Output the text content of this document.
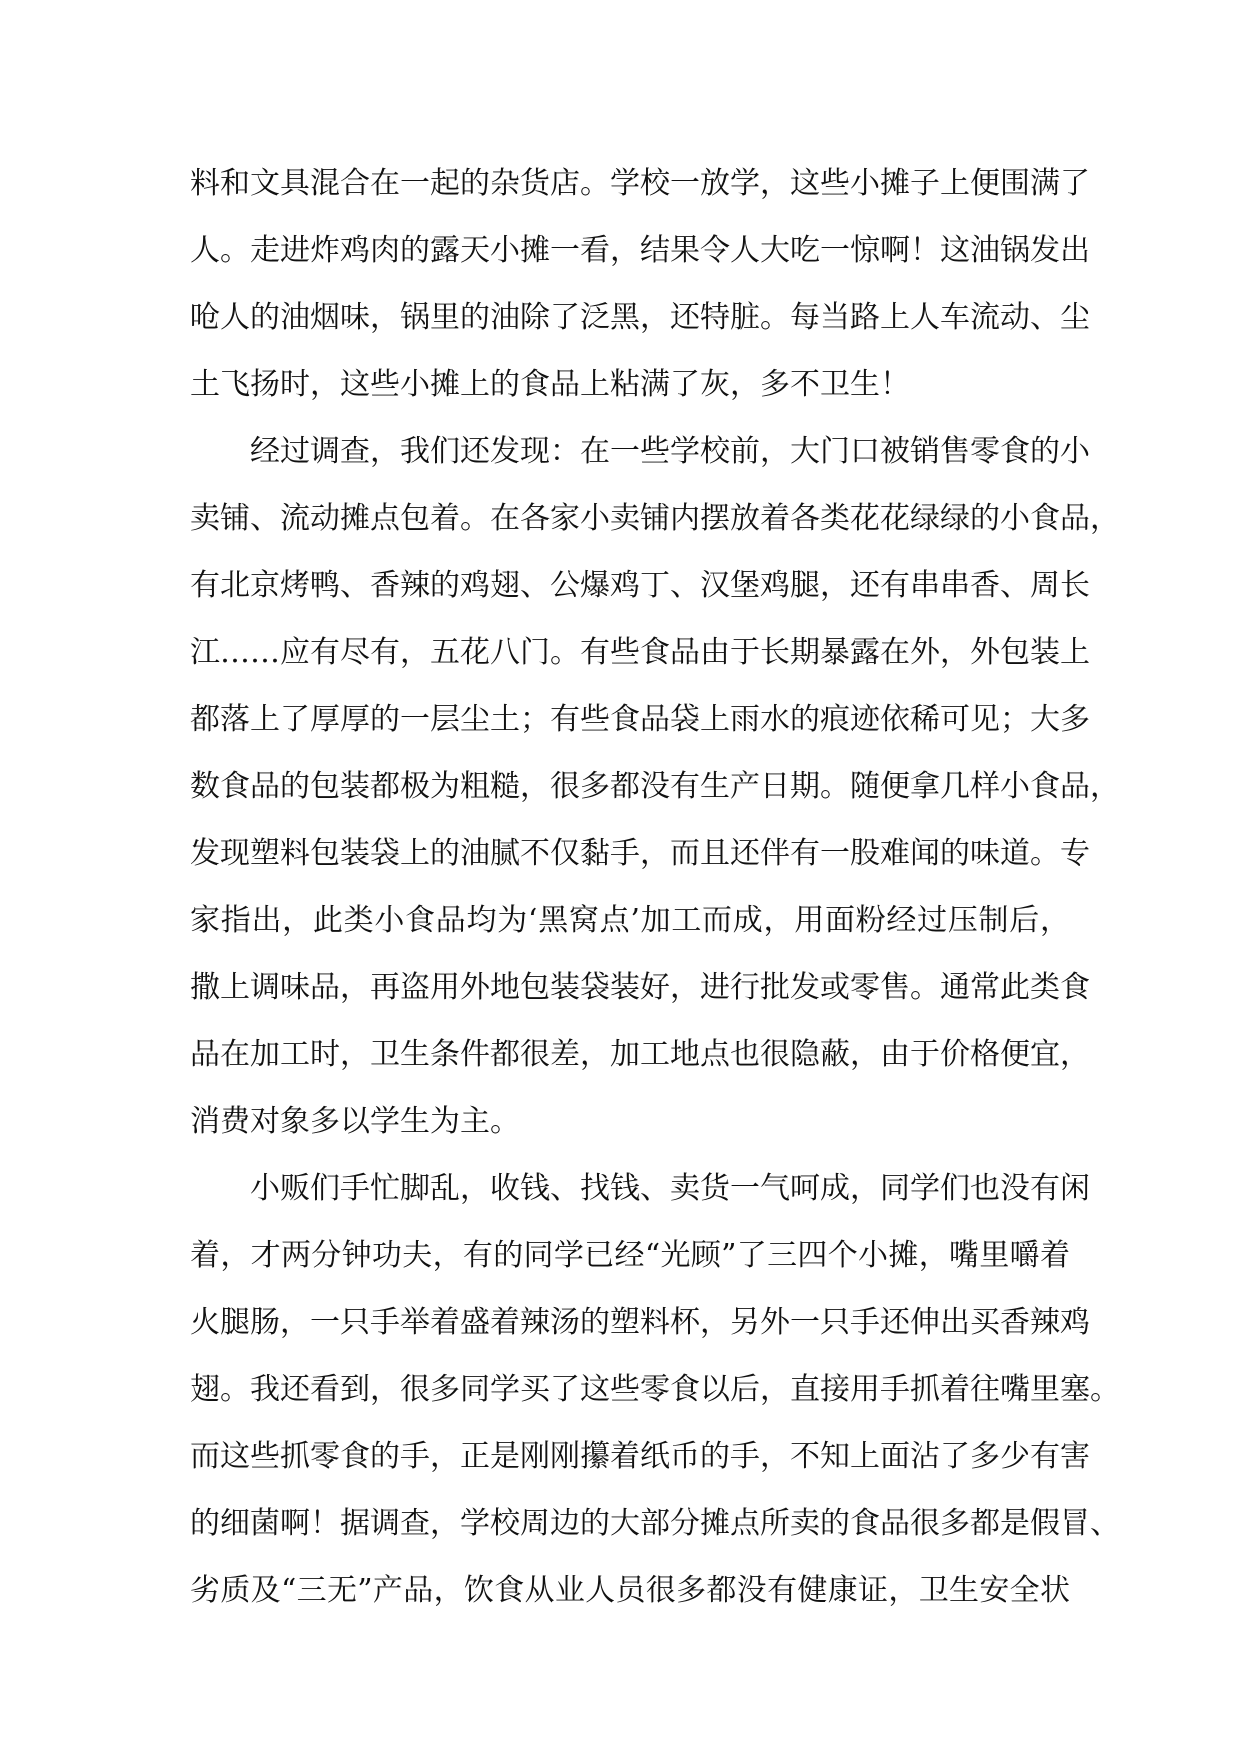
料和文具混合在一起的杂货店。学校一放学，这些小摊子上便围满了
人。走进炸鸡肉的露天小摊一看，结果令人大吃一惊啊！这油锅发出
呛人的油烟味，锅里的油除了泛黑，还特脏。每当路上人车流动、尘
土飞扬时，这些小摊上的食品上粘满了灰，多不卫生！
经过调查，我们还发现：在一些学校前，大门口被销售零食的小
卖铺、流动摊点包着。在各家小卖铺内摆放着各类花花绿绿的小食品，
有北京烤鸭、香辣的鸡翅、公爆鸡丁、汉堡鸡腿，还有串串香、周长
江……应有尽有，五花八门。有些食品由于长期暴露在外，外包装上
都落上了厚厚的一层尘土；有些食品袋上雨水的痕迹依稀可见；大多
数食品的包装都极为粗糙，很多都没有生产日期。随便拿几样小食品，
发现塑料包装袋上的油腻不仅黏手，而且还伴有一股难闻的味道。专
家指出，此类小食品均为‘黑窝点’加工而成，用面粉经过压制后，
撒上调味品，再盗用外地包装袋装好，进行批发或零售。通常此类食
品在加工时，卫生条件都很差，加工地点也很隐蔽，由于价格便宜，
消费对象多以学生为主。
小贩们手忙脚乱，收钱、找钱、卖货一气呵成，同学们也没有闲
着，才两分钟功夫，有的同学已经“光顾”了三四个小摊，嘴里嚼着
火腿肠，一只手举着盛着辣汤的塑料杯，另外一只手还伸出买香辣鸡
翅。我还看到，很多同学买了这些零食以后，直接用手抓着往嘴里塞。
而这些抓零食的手，正是刚刚攥着纸币的手，不知上面沾了多少有害
的细菌啊！据调查，学校周边的大部分摊点所卖的食品很多都是假冒、
劣质及“三无”产品，饮食从业人员很多都没有健康证，卫生安全状
